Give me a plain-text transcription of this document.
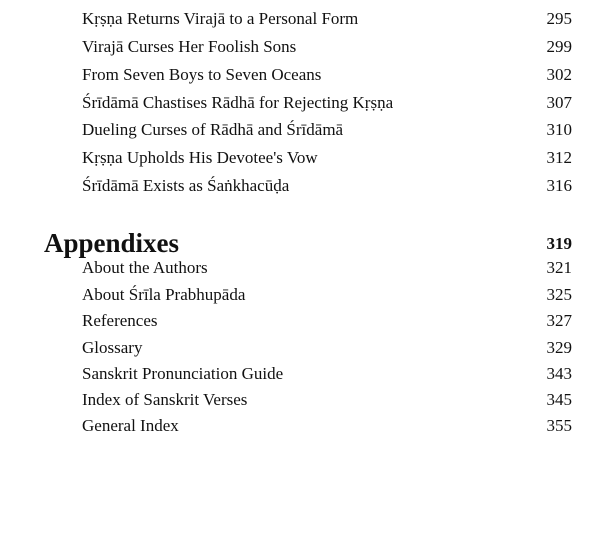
Kṛṣṇa Returns Virajā to a Personal Form	295
Virajā Curses Her Foolish Sons	299
From Seven Boys to Seven Oceans	302
Śrīdāmā Chastises Rādhā for Rejecting Kṛṣṇa	307
Dueling Curses of Rādhā and Śrīdāmā	310
Kṛṣṇa Upholds His Devotee's Vow	312
Śrīdāmā Exists as Śaṅkhacūḍa	316
Appendixes	319
About the Authors	321
About Śrīla Prabhupāda	325
References	327
Glossary	329
Sanskrit Pronunciation Guide	343
Index of Sanskrit Verses	345
General Index	355
